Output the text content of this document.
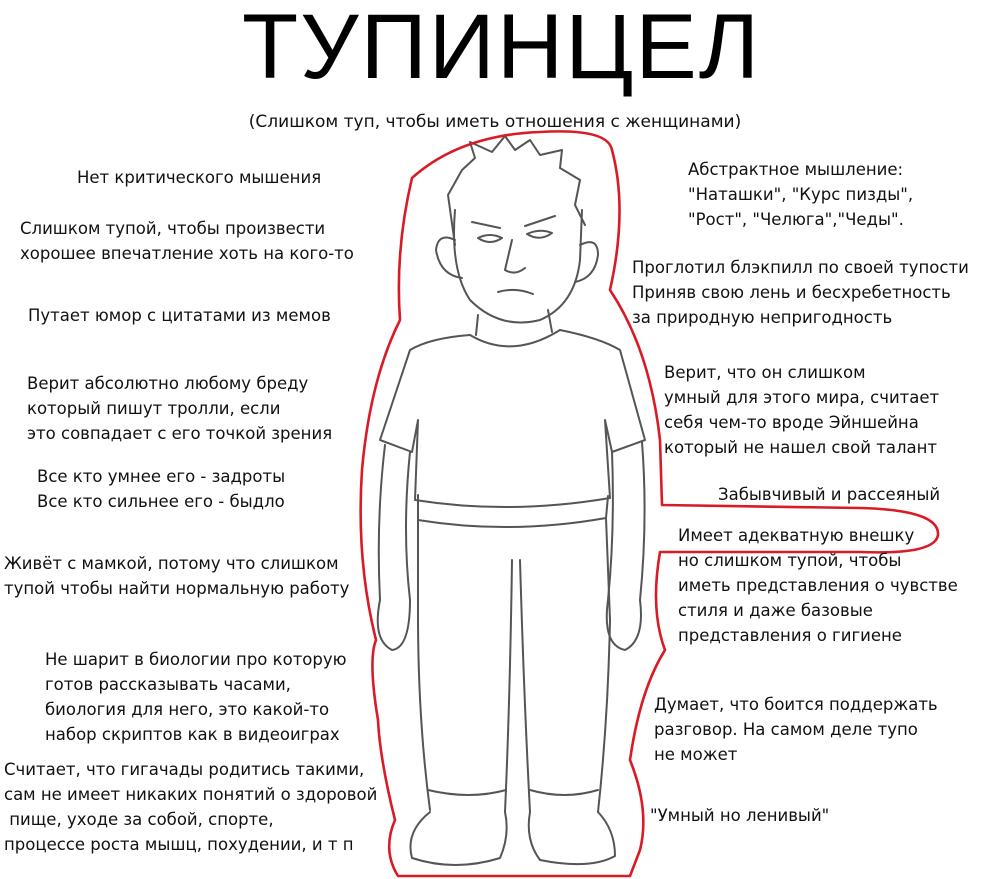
ТУПИНЦЕЛ
(Слишком туп, чтобы иметь отношения с женщинами)
Нет критического мышения
Слишком тупой, чтобы произвести
хорошее впечатление хоть на кого-то
Путает юмор с цитатами из мемов
Верит абсолютно любому бреду
который пишут тролли, если
это совпадает с его точкой зрения
Все кто умнее его - задроты
Все кто сильнее его - быдло
Живёт с мамкой, потому что слишком
тупой чтобы найти нормальную работу
Не шарит в биологии про которую
готов рассказывать часами,
биология для него, это какой-то
набор скриптов как в видеоиграх
Считает, что гигачады родитись такими,
сам не имеет никаких понятий о здоровой
пище, уходе за собой, спорте,
процессе роста мышц, похудении, и т п
Абстрактное мышление:
"Наташки", "Курс пизды",
"Рост", "Челюга","Чеды".
Проглотил блэкпилл по своей тупости
Приняв свою лень и бесхребетность
за природную непригодность
Верит, что он слишком
умный для этого мира, считает
себя чем-то вроде Эйншейна
который не нашел свой талант
Забывчивый и рассеяный
Имеет адекватную внешку
но слишком тупой, чтобы
иметь представления о чувстве
стиля и даже базовые
представления о гигиене
Думает, что боится поддержать
разговор. На самом деле тупо
не может
"Умный но ленивый"
